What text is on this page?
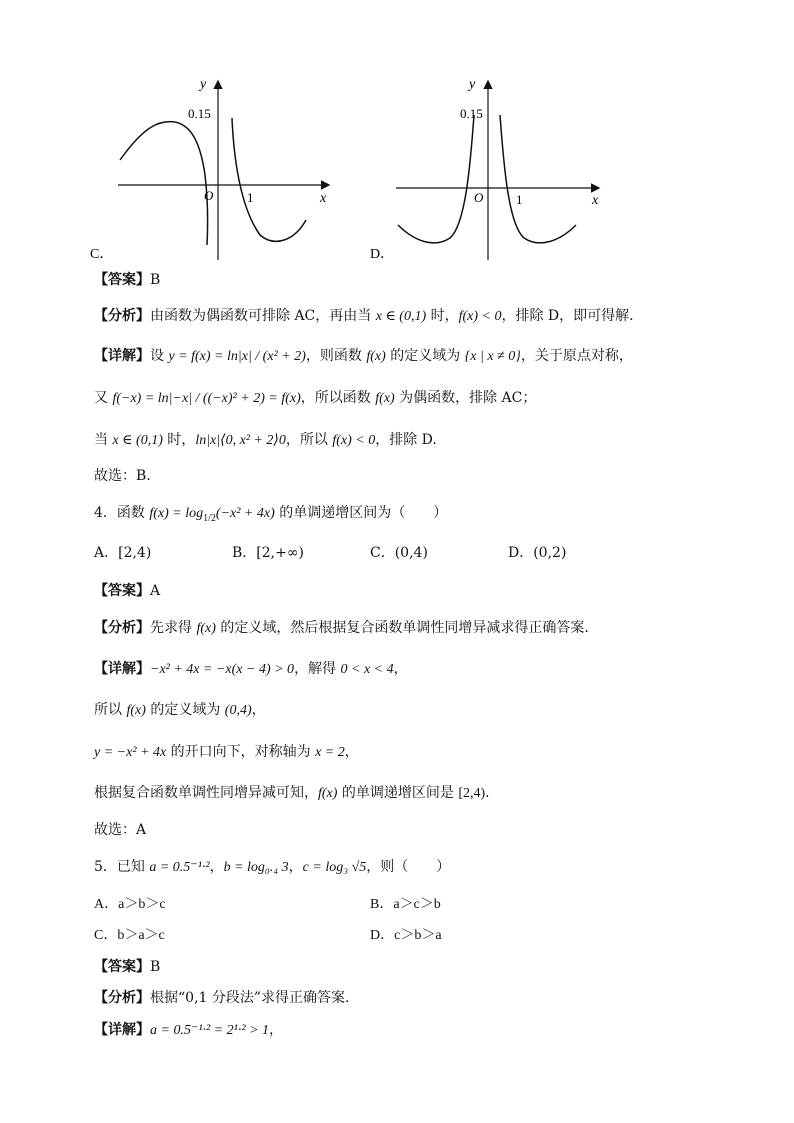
y
x
0.15
O	1
C．
y
x
0.15
O	1
D．
【答案】B
【分析】由函数为偶函数可排除 AC，再由当 x ∈ (0,1) 时，f(x) < 0，排除 D，即可得解.
【详解】设 y = f(x) = ln|x| / (x² + 2)，则函数 f(x) 的定义域为 {x | x ≠ 0}，关于原点对称，
又 f(−x) = ln|−x| / ((−x)² + 2) = f(x)，所以函数 f(x) 为偶函数，排除 AC；
当 x ∈ (0,1) 时，ln|x|⟨0, x² + 2⟩0，所以 f(x) < 0，排除 D.
故选：B.
4．函数 $f(x) = \log_{1/2}(-x^2 + 4x)$ 的单调递增区间为（　　）
A．[2,4)	B．[2,+∞)	C．(0,4)	D．(0,2)
【答案】A
【分析】先求得 f(x) 的定义域，然后根据复合函数单调性同增异减求得正确答案.
【详解】−x² + 4x = −x(x − 4) > 0，解得 0 < x < 4，
所以 f(x) 的定义域为 (0,4)，
y = −x² + 4x 的开口向下，对称轴为 x = 2，
根据复合函数单调性同增异减可知，f(x) 的单调递增区间是 [2,4).
故选：A
5．已知 a = 0.5⁻¹·²，b = log₀.₄ 3，c = log₃ √5，则（　　）
A．a＞b＞c	B．a＞c＞b
C．b＞a＞c	D．c＞b＞a
【答案】B
【分析】根据“0,1 分段法”求得正确答案.
【详解】a = 0.5⁻¹·² = 2¹·² > 1，
